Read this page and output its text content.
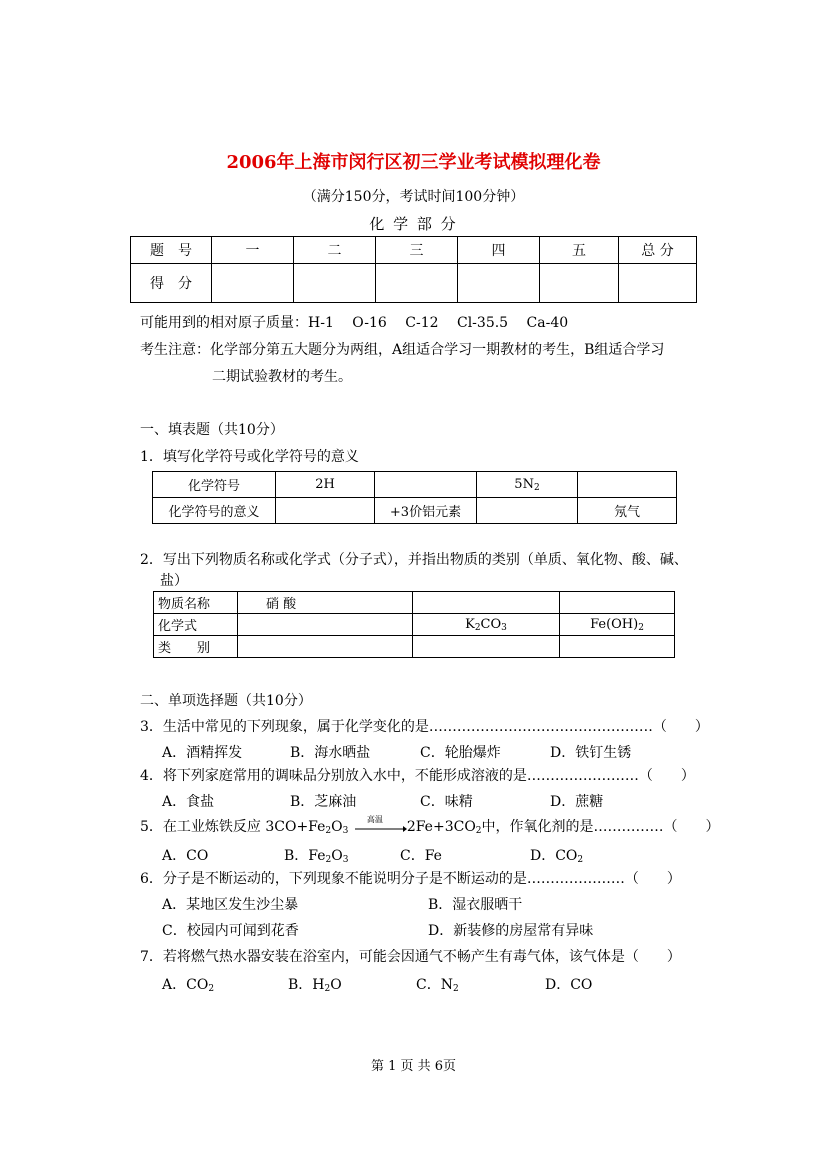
2006年上海市闵行区初三学业考试模拟理化卷
（满分150分，考试时间100分钟）
化 学 部 分
题　号	一	二	三	四	五	总 分
得　分						
可能用到的相对原子质量：H-1　 O-16　 C-12　 Cl-35.5　 Ca-40
考生注意：化学部分第五大题分为两组，A组适合学习一期教材的考生，B组适合学习
二期试验教材的考生。
一、填表题（共10分）
1．填写化学符号或化学符号的意义
化学符号	2H		$5N_2$	
化学符号的意义		+3价铝元素		氖气
2．写出下列物质名称或化学式（分子式），并指出物质的类别（单质、氧化物、酸、碱、
盐）
物质名称	硝 酸		
化学式		$K_2CO_3$	$Fe(OH)_2$
类　　别			
二、单项选择题（共10分）
3．生活中常见的下列现象，属于化学变化的是…………………………………………（　　）
A．酒精挥发	B．海水晒盐	C．轮胎爆炸	D．铁钉生锈
4．将下列家庭常用的调味品分别放入水中，不能形成溶液的是……………………（　　）
A．食盐	B．芝麻油	C．味精	D．蔗糖
5．在工业炼铁反应 $3CO+Fe_2O_3$
高温 $2Fe+3CO_2$中，作氧化剂的是……………（　　）
A．CO	B．$Fe_2O_3$	C．Fe	D．$CO_2$
6．分子是不断运动的，下列现象不能说明分子是不断运动的是…………………（　　）
A．某地区发生沙尘暴	B．湿衣服晒干
C．校园内可闻到花香	D．新装修的房屋常有异味
7．若将燃气热水器安装在浴室内，可能会因通气不畅产生有毒气体，该气体是（　　）
A．$CO_2$	B．$H_2O$	C．$N_2$	D．CO
第 1 页 共 6页
